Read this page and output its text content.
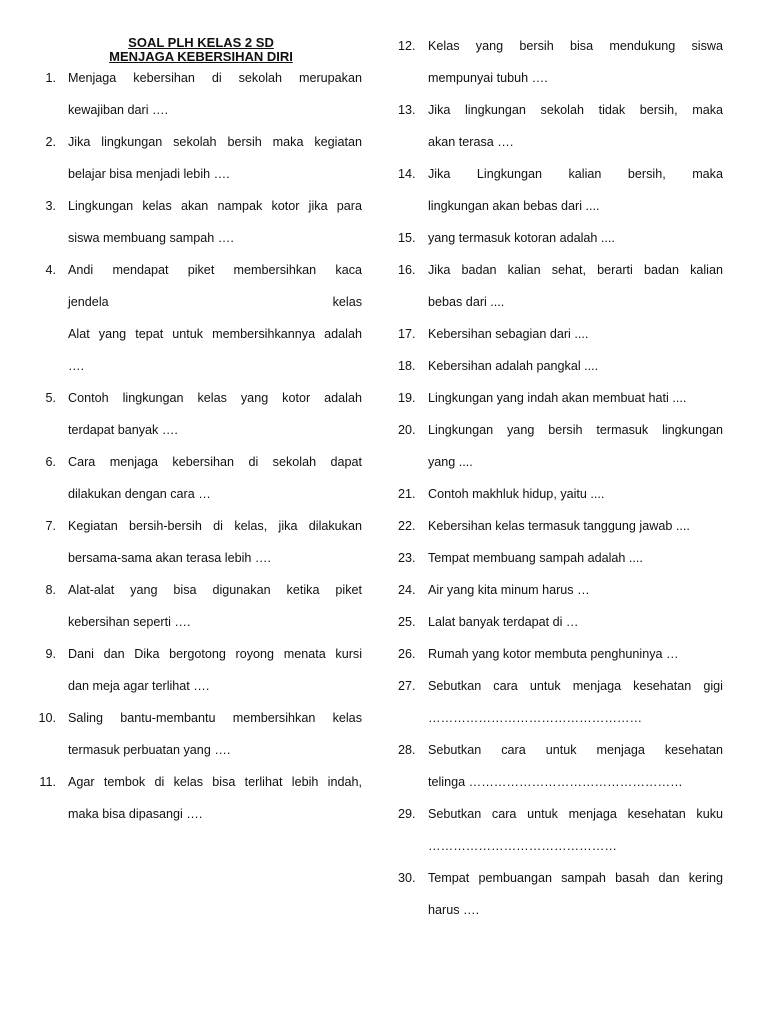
SOAL PLH KELAS 2 SD
MENJAGA KEBERSIHAN DIRI
1. Menjaga kebersihan di sekolah merupakan
kewajiban dari ….
2. Jika lingkungan sekolah bersih maka kegiatan
belajar bisa menjadi lebih ….
3. Lingkungan kelas akan nampak kotor jika para
siswa membuang sampah ….
4. Andi mendapat piket membersihkan kaca
jendela kelas
Alat yang tepat untuk membersihkannya adalah
….
5. Contoh lingkungan kelas yang kotor adalah
terdapat banyak ….
6. Cara menjaga kebersihan di sekolah dapat
dilakukan dengan cara …
7. Kegiatan bersih-bersih di kelas, jika dilakukan
bersama-sama akan terasa lebih ….
8. Alat-alat yang bisa digunakan ketika piket
kebersihan seperti ….
9. Dani dan Dika bergotong royong menata kursi
dan meja agar terlihat ….
10. Saling bantu-membantu membersihkan kelas
termasuk perbuatan yang ….
11. Agar tembok di kelas bisa terlihat lebih indah,
maka bisa dipasangi ….
12. Kelas yang bersih bisa mendukung siswa
mempunyai tubuh ….
13. Jika lingkungan sekolah tidak bersih, maka
akan terasa ….
14. Jika Lingkungan kalian bersih, maka
lingkungan akan bebas dari ....
15. yang termasuk kotoran adalah ....
16. Jika badan kalian sehat, berarti badan kalian
bebas dari ....
17. Kebersihan sebagian dari ....
18. Kebersihan adalah pangkal ....
19. Lingkungan yang indah akan membuat hati ....
20. Lingkungan yang bersih termasuk lingkungan
yang ....
21. Contoh makhluk hidup, yaitu ....
22. Kebersihan kelas termasuk tanggung jawab ....
23. Tempat membuang sampah adalah ....
24. Air yang kita minum harus …
25. Lalat banyak terdapat di …
26. Rumah yang kotor membuta penghuninya …
27. Sebutkan cara untuk menjaga kesehatan gigi
……………………………………………
28. Sebutkan cara untuk menjaga kesehatan
telinga ……………………………………………
29. Sebutkan cara untuk menjaga kesehatan kuku
………………………………………
30. Tempat pembuangan sampah basah dan kering
harus ….
